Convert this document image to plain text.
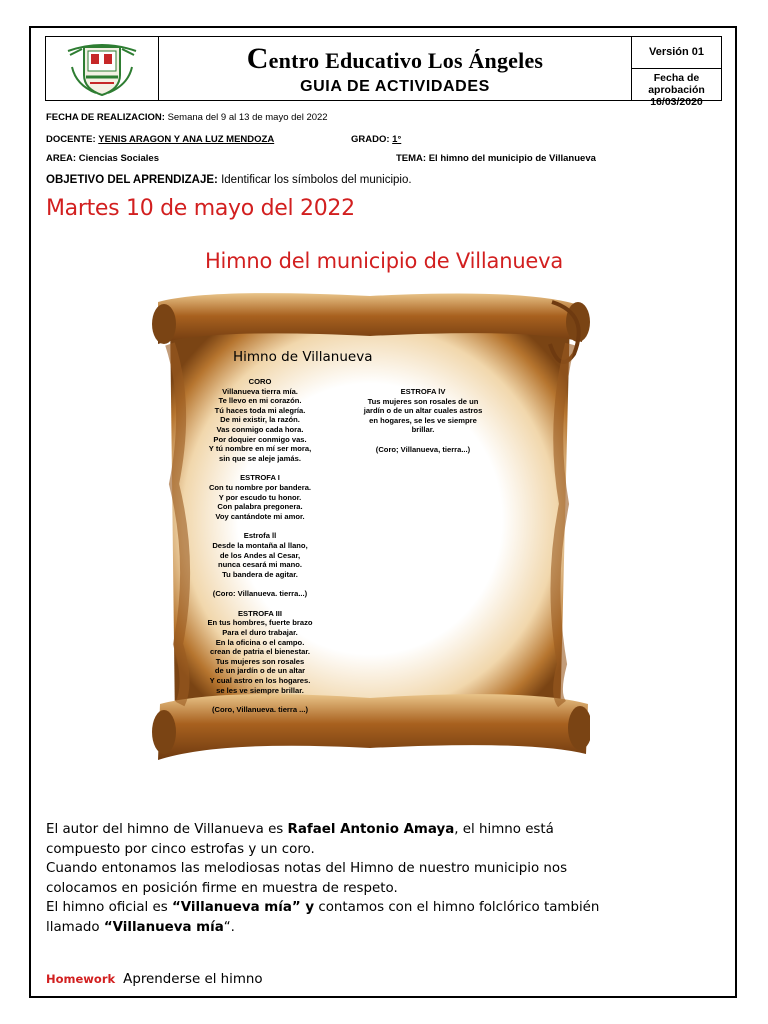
Centro Educativo Los Ángeles
GUIA DE ACTIVIDADES
Versión 01
Fecha de aprobación
16/03/2020
FECHA DE REALIZACION: Semana del 9 al 13 de mayo del 2022
DOCENTE: YENIS ARAGON Y ANA LUZ MENDOZA	GRADO: 1°
AREA: Ciencias Sociales	TEMA: El himno del municipio de Villanueva
OBJETIVO DEL APRENDIZAJE: Identificar los símbolos del municipio.
Martes 10 de mayo del 2022
Himno del municipio de Villanueva
Himno de Villanueva
CORO
Villanueva tierra mía.
Te llevo en mi corazón.
Tú haces toda mi alegría.
De mi existir, la razón.
Vas conmigo cada hora.
Por doquier conmigo vas.
Y tú nombre en mí ser mora,
sin que se aleje jamás.
ESTROFA I
Con tu nombre por bandera.
Y por escudo tu honor.
Con palabra pregonera.
Voy cantándote mi amor.
Estrofa ll
Desde la montaña al llano,
de los Andes al Cesar,
nunca cesará mi mano.
Tu bandera de agitar.
(Coro: Villanueva. tierra...)
ESTROFA III
En tus hombres, fuerte brazo
Para el duro trabajar.
En la oficina o el campo.
crean de patria el bienestar.
Tus mujeres son rosales
de un jardín o de un altar
Y cual astro en los hogares.
se les ve siempre brillar.
(Coro, Villanueva. tierra ...)
ESTROFA lV
Tus mujeres son rosales de un
jardín o de un altar cuales astros
en hogares, se les ve siempre
brillar.
(Coro; Villanueva, tierra...)
El autor del himno de Villanueva es Rafael Antonio Amaya, el himno está
compuesto por cinco estrofas y un coro.
Cuando entonamos las melodiosas notas del Himno de nuestro municipio nos
colocamos en posición firme en muestra de respeto.
El himno oficial es “Villanueva mía” y contamos con el himno folclórico también
llamado “Villanueva mía“.
Homework Aprenderse el himno
